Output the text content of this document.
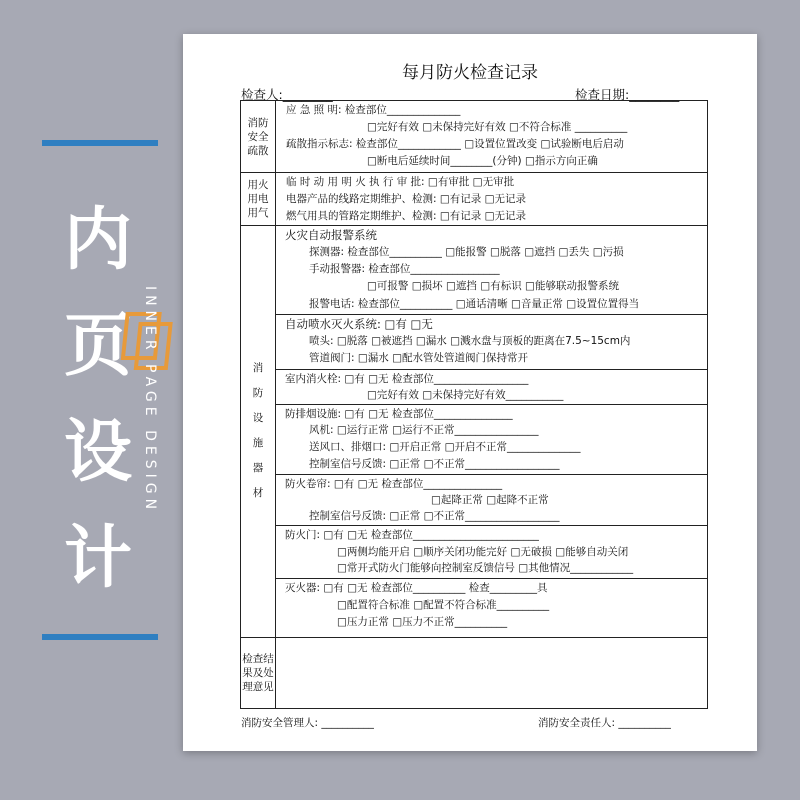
内
页
设
计
INNER PAGE DESIGN
每月防火检查记录
检查人:________	检查日期:________
消防
安全
疏散
用火
用电
用气
消
防
设
施
器
材
检查结
果及处
理意见
应 急 照 明: 检查部位______________
□完好有效 □未保持完好有效 □不符合标准 __________
疏散指示标志: 检查部位____________ □设置位置改变 □试验断电后启动
□断电后延续时间________(分钟) □指示方向正确
临 时 动 用 明 火 执 行 审 批: □有审批 □无审批
电器产品的线路定期维护、检测: □有记录 □无记录
燃气用具的管路定期维护、检测: □有记录 □无记录
火灾自动报警系统
探测器: 检查部位__________ □能报警 □脱落 □遮挡 □丢失 □污损
手动报警器: 检查部位_________________
□可报警 □损坏 □遮挡 □有标识 □能够联动报警系统
报警电话: 检查部位__________ □通话清晰 □音量正常 □设置位置得当
自动喷水灭火系统: □有 □无
喷头: □脱落 □被遮挡 □漏水 □溅水盘与顶板的距离在7.5~15cm内
管道阀门: □漏水 □配水管处管道阀门保持常开
室内消火栓: □有 □无 检查部位__________________
□完好有效 □未保持完好有效___________
防排烟设施: □有 □无 检查部位_______________
风机: □运行正常 □运行不正常________________
送风口、排烟口: □开启正常 □开启不正常______________
控制室信号反馈: □正常 □不正常__________________
防火卷帘: □有 □无 检查部位_______________
□起降正常 □起降不正常
控制室信号反馈: □正常 □不正常__________________
防火门: □有 □无 检查部位________________________
□两侧均能开启 □顺序关闭功能完好 □无破损 □能够自动关闭
□常开式防火门能够向控制室反馈信号 □其他情况____________
灭火器: □有 □无 检查部位__________ 检查_________具
□配置符合标准 □配置不符合标准__________
□压力正常 □压力不正常__________
消防安全管理人: __________	消防安全责任人: __________
